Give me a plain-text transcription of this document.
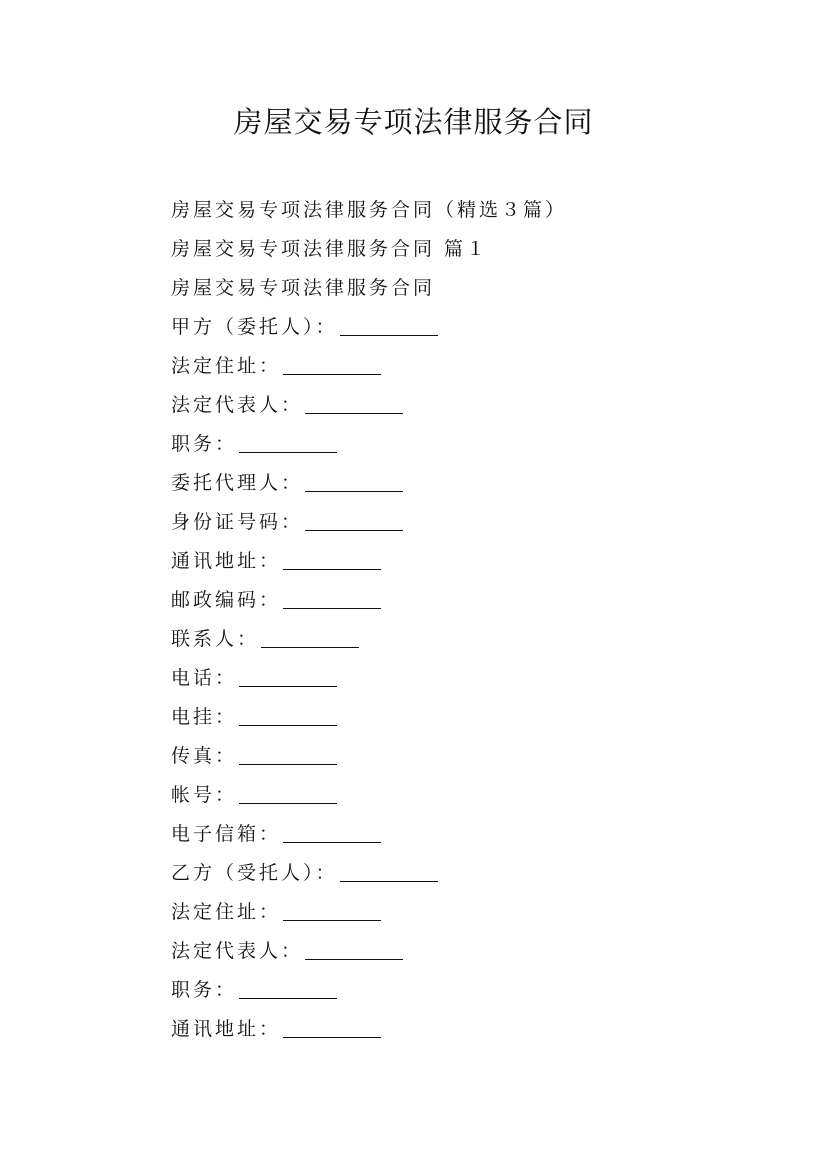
房屋交易专项法律服务合同
房屋交易专项法律服务合同（精选３篇）
房屋交易专项法律服务合同 篇１
房屋交易专项法律服务合同
甲方（委托人）：
法定住址：
法定代表人：
职务：
委托代理人：
身份证号码：
通讯地址：
邮政编码：
联系人：
电话：
电挂：
传真：
帐号：
电子信箱：
乙方（受托人）：
法定住址：
法定代表人：
职务：
通讯地址：
